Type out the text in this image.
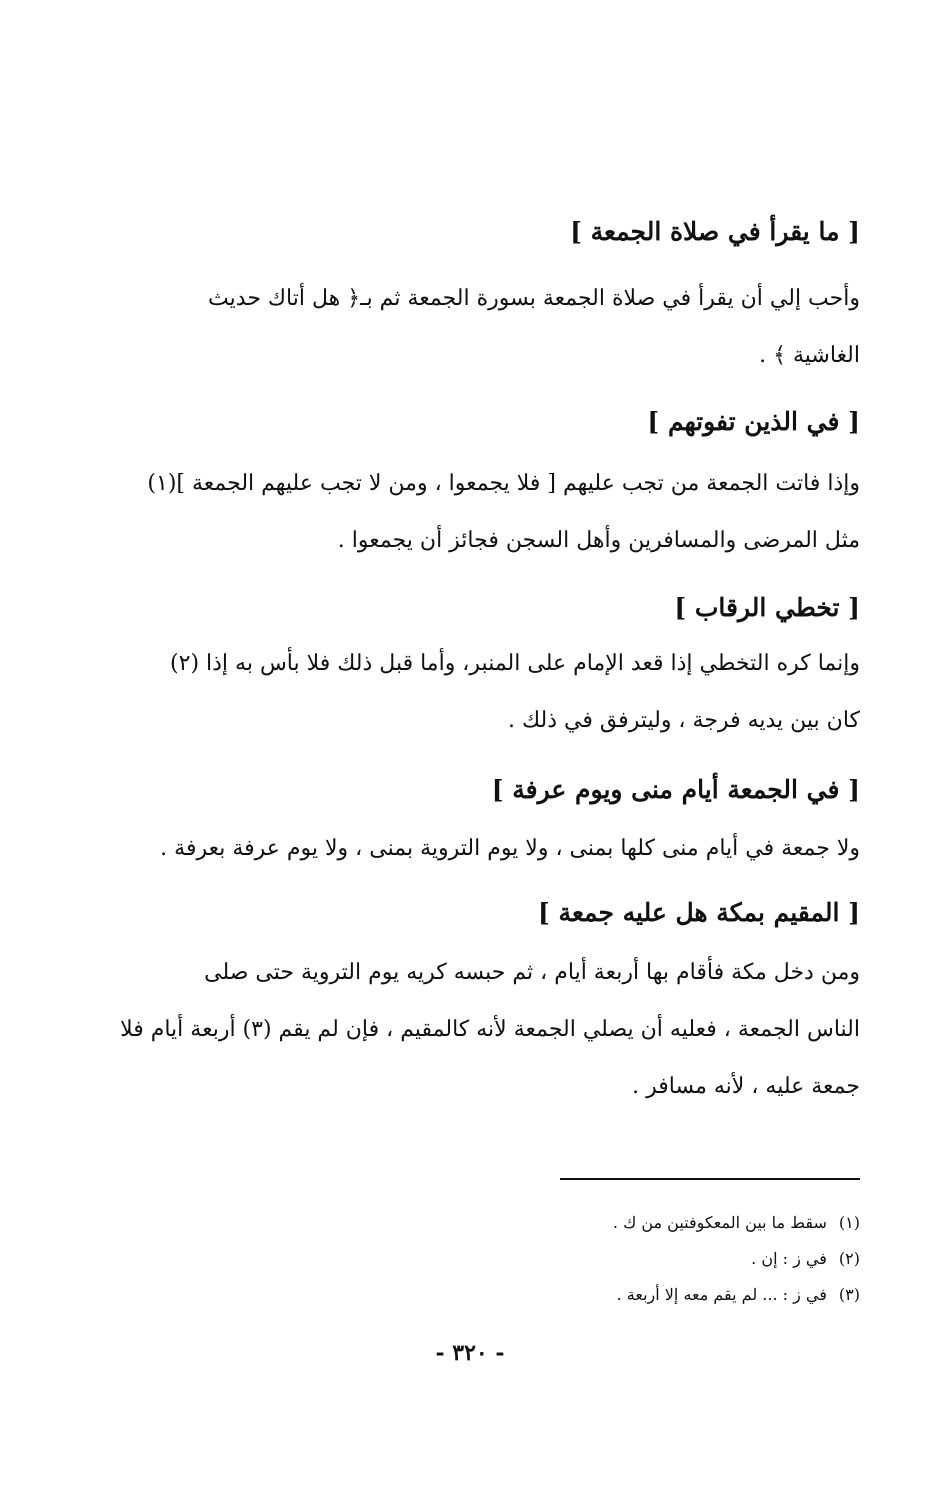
[ ما يقرأ في صلاة الجمعة ]

وأحب إلي أن يقرأ في صلاة الجمعة بسورة الجمعة ثم بـ﴿ هل أتاك حديث

الغاشية ﴾ .

[ في الذين تفوتهم ]

وإذا فاتت الجمعة من تجب عليهم [ فلا يجمعوا ، ومن لا تجب عليهم الجمعة ](١)

مثل المرضى والمسافرين وأهل السجن فجائز أن يجمعوا .

[ تخطي الرقاب ]

وإنما كره التخطي إذا قعد الإمام على المنبر، وأما قبل ذلك فلا بأس به إذا (٢)

كان بين يديه فرجة ، وليترفق في ذلك .

[ في الجمعة أيام منى ويوم عرفة ]

ولا جمعة في أيام منى كلها بمنى ، ولا يوم التروية بمنى ، ولا يوم عرفة بعرفة .

[ المقيم بمكة هل عليه جمعة ]

ومن دخل مكة فأقام بها أربعة أيام ، ثم حبسه كريه يوم التروية حتى صلى

الناس الجمعة ، فعليه أن يصلي الجمعة لأنه كالمقيم ، فإن لم يقم (٣) أربعة أيام فلا

جمعة عليه ، لأنه مسافر .

(١)سقط ما بين المعكوفتين من ك .
(٢)في ز : إن .
(٣)في ز : ... لم يقم معه إلا أربعة .
- ٣٢٠ -
